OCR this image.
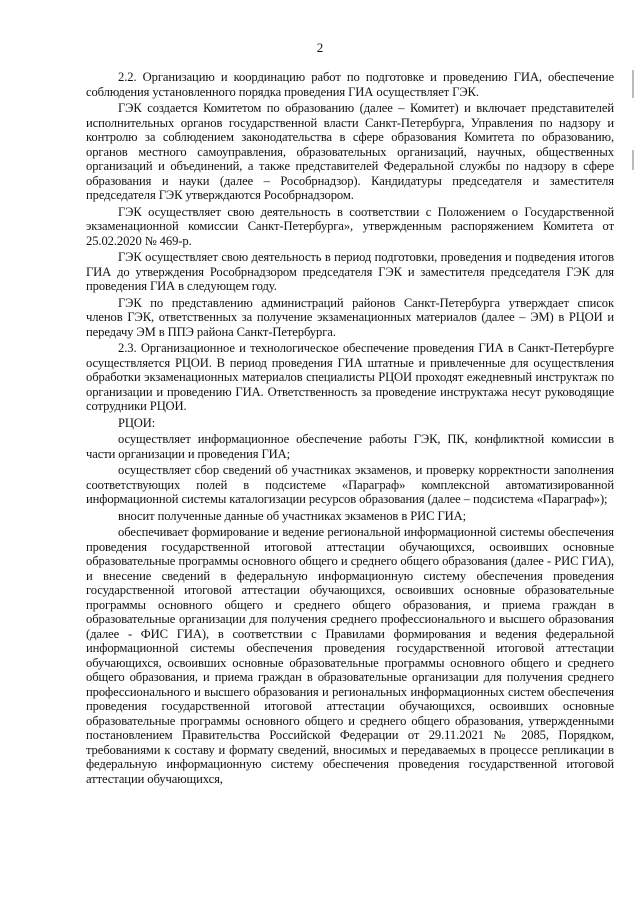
2

2.2. Организацию и координацию работ по подготовке и проведению ГИА, обеспечение соблюдения установленного порядка проведения ГИА осуществляет ГЭК.

ГЭК создается Комитетом по образованию (далее – Комитет) и включает представителей исполнительных органов государственной власти Санкт-Петербурга, Управления по надзору и контролю за соблюдением законодательства в сфере образования Комитета по образованию, органов местного самоуправления, образовательных организаций, научных, общественных организаций и объединений, а также представителей Федеральной службы по надзору в сфере образования и науки (далее – Рособрнадзор). Кандидатуры председателя и заместителя председателя ГЭК утверждаются Рособрнадзором.

ГЭК осуществляет свою деятельность в соответствии с Положением о Государственной экзаменационной комиссии Санкт-Петербурга», утвержденным распоряжением Комитета от 25.02.2020 № 469-р.

ГЭК осуществляет свою деятельность в период подготовки, проведения и подведения итогов ГИА до утверждения Рособрнадзором председателя ГЭК и заместителя председателя ГЭК для проведения ГИА в следующем году.

ГЭК по представлению администраций районов Санкт-Петербурга утверждает список членов ГЭК, ответственных за получение экзаменационных материалов (далее – ЭМ) в РЦОИ и передачу ЭМ в ППЭ района Санкт-Петербурга.

2.3. Организационное и технологическое обеспечение проведения ГИА в Санкт-Петербурге осуществляется РЦОИ. В период проведения ГИА штатные и привлеченные для осуществления обработки экзаменационных материалов специалисты РЦОИ проходят ежедневный инструктаж по организации и проведению ГИА. Ответственность за проведение инструктажа несут руководящие сотрудники РЦОИ.

РЦОИ:

осуществляет информационное обеспечение работы ГЭК, ПК, конфликтной комиссии в части организации и проведения ГИА;

осуществляет сбор сведений об участниках экзаменов, и проверку корректности заполнения соответствующих полей в подсистеме «Параграф» комплексной автоматизированной информационной системы каталогизации ресурсов образования (далее – подсистема «Параграф»);

вносит полученные данные об участниках экзаменов в РИС ГИА;

обеспечивает формирование и ведение региональной информационной системы обеспечения проведения государственной итоговой аттестации обучающихся, освоивших основные образовательные программы основного общего и среднего общего образования (далее - РИС ГИА), и внесение сведений в федеральную информационную систему обеспечения проведения государственной итоговой аттестации обучающихся, освоивших основные образовательные программы основного общего и среднего общего образования, и приема граждан в образовательные организации для получения среднего профессионального и высшего образования (далее - ФИС ГИА), в соответствии с Правилами формирования и ведения федеральной информационной системы обеспечения проведения государственной итоговой аттестации обучающихся, освоивших основные образовательные программы основного общего и среднего общего образования, и приема граждан в образовательные организации для получения среднего профессионального и высшего образования и региональных информационных систем обеспечения проведения государственной итоговой аттестации обучающихся, освоивших основные образовательные программы основного общего и среднего общего образования, утвержденными постановлением Правительства Российской Федерации от 29.11.2021 № 2085, Порядком, требованиями к составу и формату сведений, вносимых и передаваемых в процессе репликации в федеральную информационную систему обеспечения проведения государственной итоговой аттестации обучающихся,
